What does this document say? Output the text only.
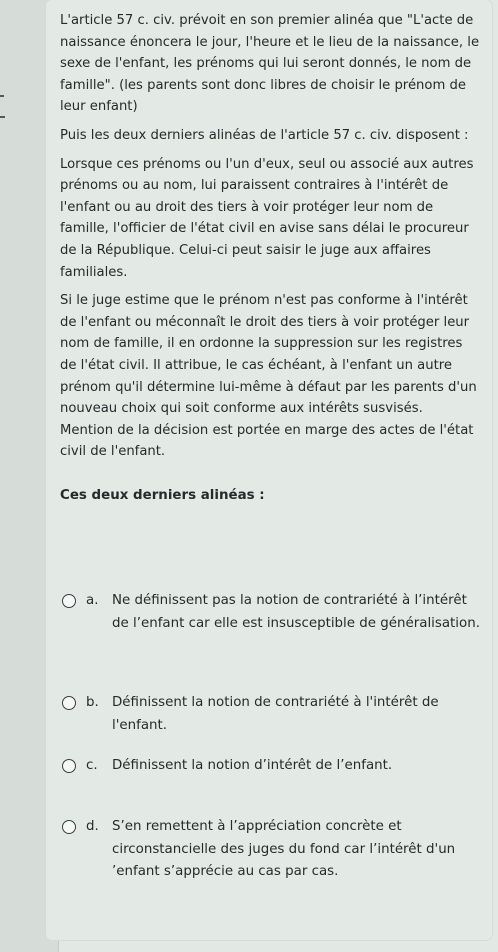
L'article 57 c. civ. prévoit en son premier alinéa que "L'acte de naissance énoncera le jour, l'heure et le lieu de la naissance, le sexe de l'enfant, les prénoms qui lui seront donnés, le nom de famille". (les parents sont donc libres de choisir le prénom de leur enfant)

Puis les deux derniers alinéas de l'article 57 c. civ. disposent :

Lorsque ces prénoms ou l'un d'eux, seul ou associé aux autres prénoms ou au nom, lui paraissent contraires à l'intérêt de l'enfant ou au droit des tiers à voir protéger leur nom de famille, l'officier de l'état civil en avise sans délai le procureur de la République. Celui-ci peut saisir le juge aux affaires familiales.

Si le juge estime que le prénom n'est pas conforme à l'intérêt de l'enfant ou méconnaît le droit des tiers à voir protéger leur nom de famille, il en ordonne la suppression sur les registres de l'état civil. Il attribue, le cas échéant, à l'enfant un autre prénom qu'il détermine lui-même à défaut par les parents d'un nouveau choix qui soit conforme aux intérêts susvisés. Mention de la décision est portée en marge des actes de l'état civil de l'enfant.

Ces deux derniers alinéas :
a.	Ne définissent pas la notion de contrariété à l’intérêt de l’enfant car elle est insusceptible de généralisation.
b. Définissent la notion de contrariété à l'intérêt de l'enfant.
c.	Définissent la notion d’intérêt de l’enfant.
d. S’en remettent à l’appréciation concrète et circonstancielle des juges du fond car l’intérêt d'un ’enfant s’apprécie au cas par cas.
